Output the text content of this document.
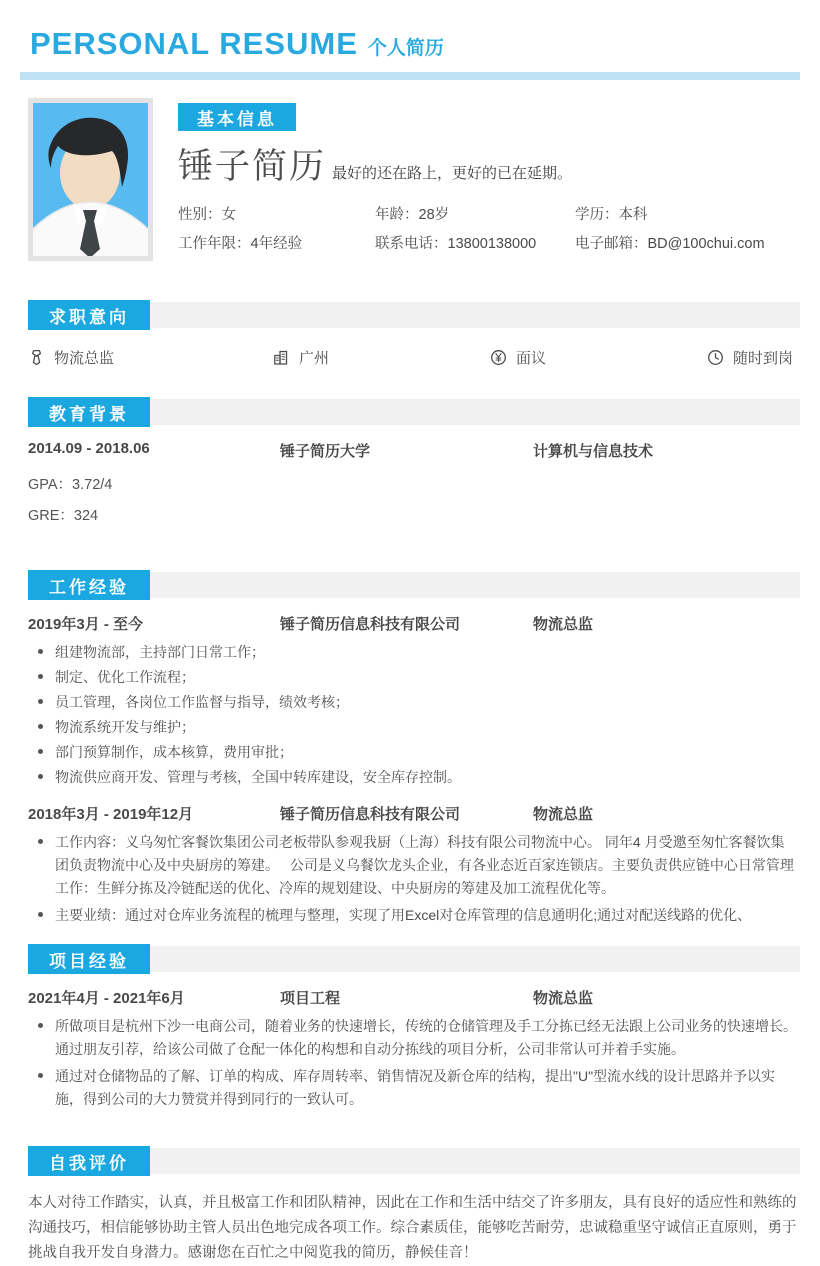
PERSONAL RESUME 个人简历
基本信息
锤子简历 最好的还在路上，更好的已在延期。
性别：女	年龄：28岁	学历：本科
工作年限：4年经验	联系电话：13800138000	电子邮箱：BD@100chui.com
求职意向
物流总监	广州	面议	随时到岗
教育背景
2014.09 - 2018.06	锤子简历大学	计算机与信息技术
GPA：3.72/4
GRE：324
工作经验
2019年3月 - 至今	锤子简历信息科技有限公司	物流总监
组建物流部，主持部门日常工作；
制定、优化工作流程；
员工管理，各岗位工作监督与指导，绩效考核；
物流系统开发与维护；
部门预算制作，成本核算，费用审批；
物流供应商开发、管理与考核，全国中转库建设，安全库存控制。
2018年3月 - 2019年12月	锤子简历信息科技有限公司	物流总监
工作内容：义乌匆忙客餐饮集团公司老板带队参观我厨（上海）科技有限公司物流中心。 同年4 月受邀至匆忙客餐饮集团负责物流中心及中央厨房的筹建。　 公司是义乌餐饮龙头企业，有各业态近百家连锁店。主要负责供应链中心日常管理工作：生鲜分拣及冷链配送的优化、冷库的规划建设、中央厨房的筹建及加工流程优化等。
主要业绩：通过对仓库业务流程的梳理与整理，实现了用Excel对仓库管理的信息通明化;通过对配送线路的优化、
项目经验
2021年4月 - 2021年6月	项目工程	物流总监
所做项目是杭州下沙一电商公司，随着业务的快速增长，传统的仓储管理及手工分拣已经无法跟上公司业务的快速增长。通过朋友引荐，给该公司做了仓配一体化的构想和自动分拣线的项目分析，公司非常认可并着手实施。
通过对仓储物品的了解、订单的构成、库存周转率、销售情况及新仓库的结构，提出"U"型流水线的设计思路并予以实施，得到公司的大力赞赏并得到同行的一致认可。
自我评价

本人对待工作踏实，认真，并且极富工作和团队精神，因此在工作和生活中结交了许多朋友，具有良好的适应性和熟练的沟通技巧，相信能够协助主管人员出色地完成各项工作。综合素质佳，能够吃苦耐劳，忠诚稳重坚守诚信正直原则，勇于挑战自我开发自身潜力。感谢您在百忙之中阅览我的简历，静候佳音！
